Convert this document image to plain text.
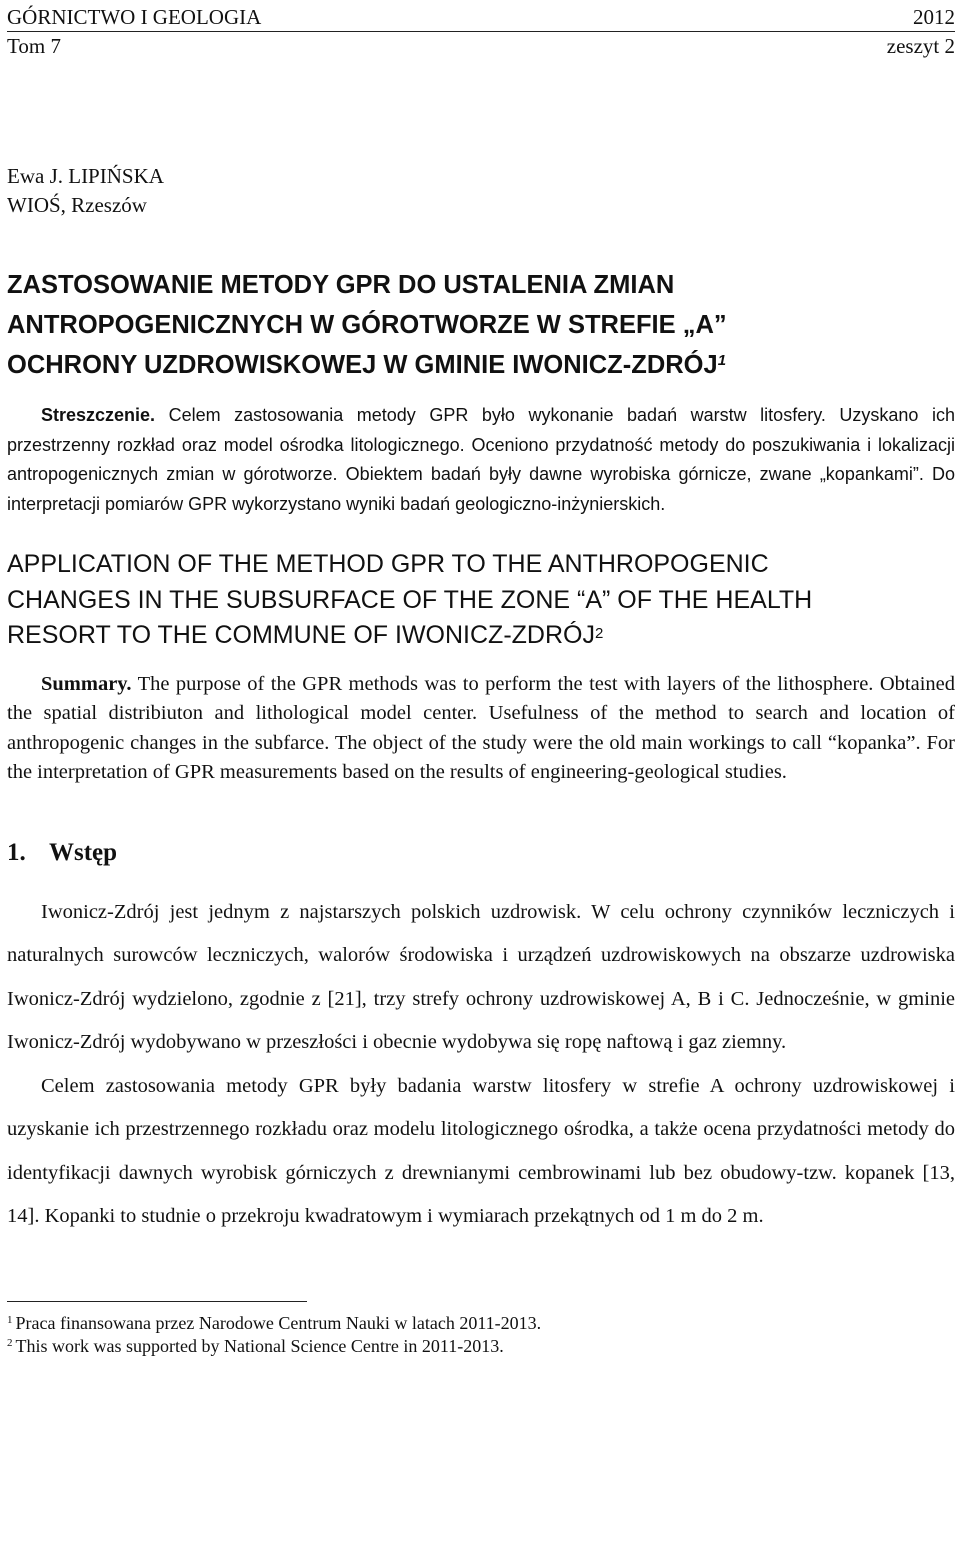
GÓRNICTWO I GEOLOGIA	2012
Tom 7	zeszyt 2
Ewa J. LIPIŃSKA
WIOŚ, Rzeszów
ZASTOSOWANIE METODY GPR DO USTALENIA ZMIAN
ANTROPOGENICZNYCH W GÓROTWORZE W STREFIE „A”
OCHRONY UZDROWISKOWEJ W GMINIE IWONICZ-ZDRÓJ$^1$
Streszczenie. Celem zastosowania metody GPR było wykonanie badań warstw litosfery. Uzyskano ich przestrzenny rozkład oraz model ośrodka litologicznego. Oceniono przydatność metody do poszukiwania i lokalizacji antropogenicznych zmian w górotworze. Obiektem badań były dawne wyrobiska górnicze, zwane „kopankami”. Do interpretacji pomiarów GPR wykorzystano wyniki badań geologiczno-inżynierskich.
APPLICATION OF THE METHOD GPR TO THE ANTHROPOGENIC
CHANGES IN THE SUBSURFACE OF THE ZONE “A” OF THE HEALTH
RESORT TO THE COMMUNE OF IWONICZ-ZDRÓJ$^2$
Summary. The purpose of the GPR methods was to perform the test with layers of the lithosphere. Obtained the spatial distribiuton and lithological model center. Usefulness of the method to search and location of anthropogenic changes in the subfarce. The object of the study were the old main workings to call “kopanka”. For the interpretation of GPR measurements based on the results of engineering-geological studies.
1. Wstęp

Iwonicz-Zdrój jest jednym z najstarszych polskich uzdrowisk. W celu ochrony czynników leczniczych i naturalnych surowców leczniczych, walorów środowiska i urządzeń uzdrowiskowych na obszarze uzdrowiska Iwonicz-Zdrój wydzielono, zgodnie z [21], trzy strefy ochrony uzdrowiskowej A, B i C. Jednocześnie, w gminie Iwonicz-Zdrój wydobywano w przeszłości i obecnie wydobywa się ropę naftową i gaz ziemny.

Celem zastosowania metody GPR były badania warstw litosfery w strefie A ochrony uzdrowiskowej i uzyskanie ich przestrzennego rozkładu oraz modelu litologicznego ośrodka, a także ocena przydatności metody do identyfikacji dawnych wyrobisk górniczych z drewnianymi cembrowinami lub bez obudowy-tzw. kopanek [13, 14]. Kopanki to studnie o przekroju kwadratowym i wymiarach przekątnych od 1 m do 2 m.

$^1$ Praca finansowana przez Narodowe Centrum Nauki w latach 2011-2013.
$^2$ This work was supported by National Science Centre in 2011-2013.
